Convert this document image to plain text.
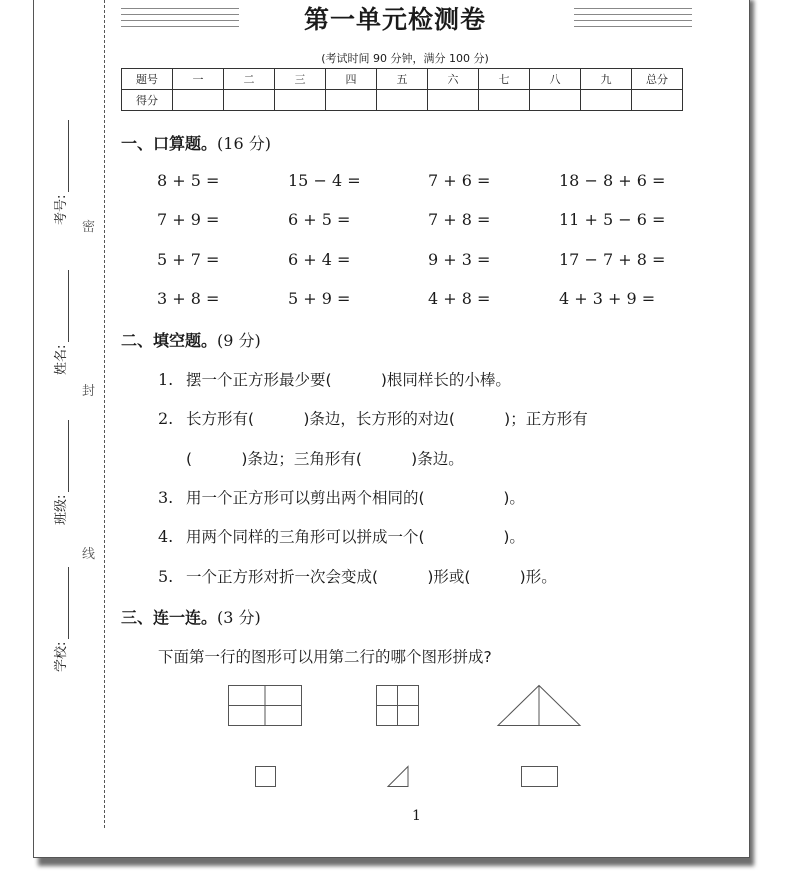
考号:
姓名:
班级:
学校:
密
封
线
第一单元检测卷
(考试时间 90 分钟，满分 100 分)
题号	一	二	三	四	五	六	七	八	九	总分
得分										
一、口算题。(16 分)
8 + 5 =	15 − 4 =	7 + 6 =	18 − 8 + 6 =
7 + 9 =	6 + 5 =	7 + 8 =	11 + 5 − 6 =
5 + 7 =	6 + 4 =	9 + 3 =	17 − 7 + 8 =
3 + 8 =	5 + 9 =	4 + 8 =	4 + 3 + 9 =
二、填空题。(9 分)
1. 摆一个正方形最少要(          )根同样长的小棒。
2. 长方形有(          )条边，长方形的对边(          )；正方形有
(          )条边；三角形有(          )条边。
3. 用一个正方形可以剪出两个相同的(                )。
4. 用两个同样的三角形可以拼成一个(                )。
5. 一个正方形对折一次会变成(          )形或(          )形。
三、连一连。(3 分)
下面第一行的图形可以用第二行的哪个图形拼成?
1
